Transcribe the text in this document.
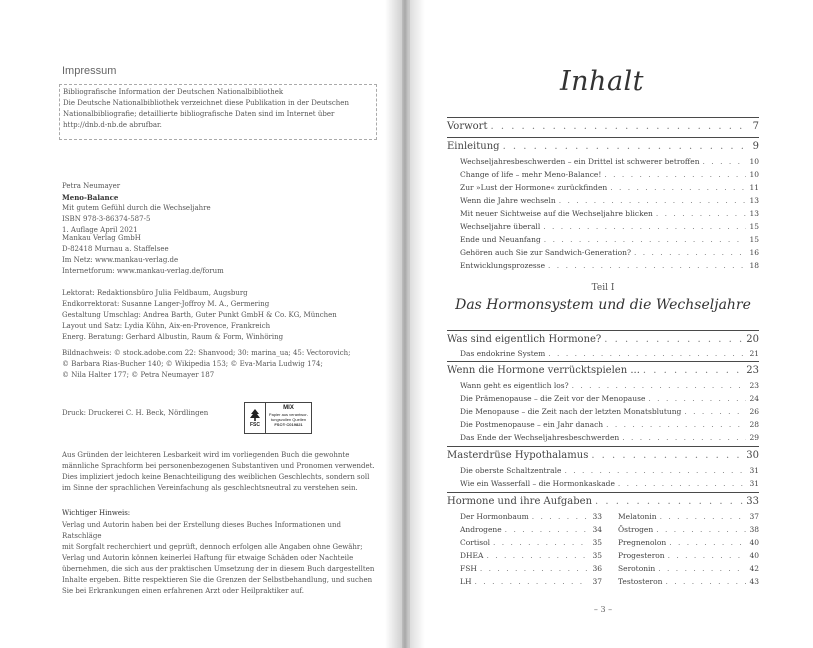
Impressum
Bibliografische Information der Deutschen Nationalbibliothek
Die Deutsche Nationalbibliothek verzeichnet diese Publikation in der Deutschen
Nationalbibliografie; detaillierte bibliografische Daten sind im Internet über
http://dnb.d-nb.de abrufbar.
Petra Neumayer
Meno-Balance
Mit gutem Gefühl durch die Wechseljahre
ISBN 978-3-86374-587-5
1. Auflage April 2021
Mankau Verlag GmbH
D-82418 Murnau a. Staffelsee
Im Netz: www.mankau-verlag.de
Internetforum: www.mankau-verlag.de/forum
Lektorat: Redaktionsbüro Julia Feldbaum, Augsburg
Endkorrektorat: Susanne Langer-Joffroy M. A., Germering
Gestaltung Umschlag: Andrea Barth, Guter Punkt GmbH & Co. KG, München
Layout und Satz: Lydia Kühn, Aix-en-Provence, Frankreich
Energ. Beratung: Gerhard Albustin, Raum & Form, Winhöring
Bildnachweis: © stock.adobe.com 22: Shanvood; 30: marina_ua; 45: Vectorovich;
© Barbara Rias-Bucher 140; © Wikipedia 153; © Eva-Maria Ludwig 174;
© Nila Halter 177; © Petra Neumayer 187
Druck: Druckerei C. H. Beck, Nördlingen
FSC
MIX
Papier aus verantwor-
tungsvollen Quellen
FSC® C019821
Aus Gründen der leichteren Lesbarkeit wird im vorliegenden Buch die gewohnte
männliche Sprachform bei personenbezogenen Substantiven und Pronomen verwendet.
Dies impliziert jedoch keine Benachteiligung des weiblichen Geschlechts, sondern soll
im Sinne der sprachlichen Vereinfachung als geschlechtsneutral zu verstehen sein.
Wichtiger Hinweis:
Verlag und Autorin haben bei der Erstellung dieses Buches Informationen und Ratschläge
mit Sorgfalt recherchiert und geprüft, dennoch erfolgen alle Angaben ohne Gewähr;
Verlag und Autorin können keinerlei Haftung für etwaige Schäden oder Nachteile
übernehmen, die sich aus der praktischen Umsetzung der in diesem Buch dargestellten
Inhalte ergeben. Bitte respektieren Sie die Grenzen der Selbstbehandlung, und suchen
Sie bei Erkrankungen einen erfahrenen Arzt oder Heilpraktiker auf.
Inhalt
Vorwort . . .	7
Einleitung . . .	9
Wechseljahresbeschwerden – ein Drittel ist schwerer betroffen . . .	10
Change of life – mehr Meno-Balance! . . .	10
Zur »Lust der Hormone« zurückfinden . . .	11
Wenn die Jahre wechseln . . .	13
Mit neuer Sichtweise auf die Wechseljahre blicken . . .	13
Wechseljahre überall . . .	15
Ende und Neuanfang . . .	15
Gehören auch Sie zur Sandwich-Generation? . . .	16
Entwicklungsprozesse . . .	18
Teil I
Das Hormonsystem und die Wechseljahre
Was sind eigentlich Hormone? . . .	20
Das endokrine System . . .	21
Wenn die Hormone verrücktspielen ... . . .	23
Wann geht es eigentlich los? . . .	23
Die Prämenopause – die Zeit vor der Menopause . . .	24
Die Menopause – die Zeit nach der letzten Monatsblutung . . .	26
Die Postmenopause – ein Jahr danach . . .	28
Das Ende der Wechseljahresbeschwerden . . .	29
Masterdrüse Hypothalamus . . .	30
Die oberste Schaltzentrale . . .	31
Wie ein Wasserfall – die Hormonkaskade . . .	31
Hormone und ihre Aufgaben . . .	33
Der Hormonbaum . . .	33
Androgene . . .	34
Cortisol . . .	35
DHEA . . .	35
FSH . . .	36
LH . . .	37
Melatonin . . .	37
Östrogen . . .	38
Pregnenolon . . .	40
Progesteron . . .	40
Serotonin . . .	42
Testosteron . . .	43
– 3 –
